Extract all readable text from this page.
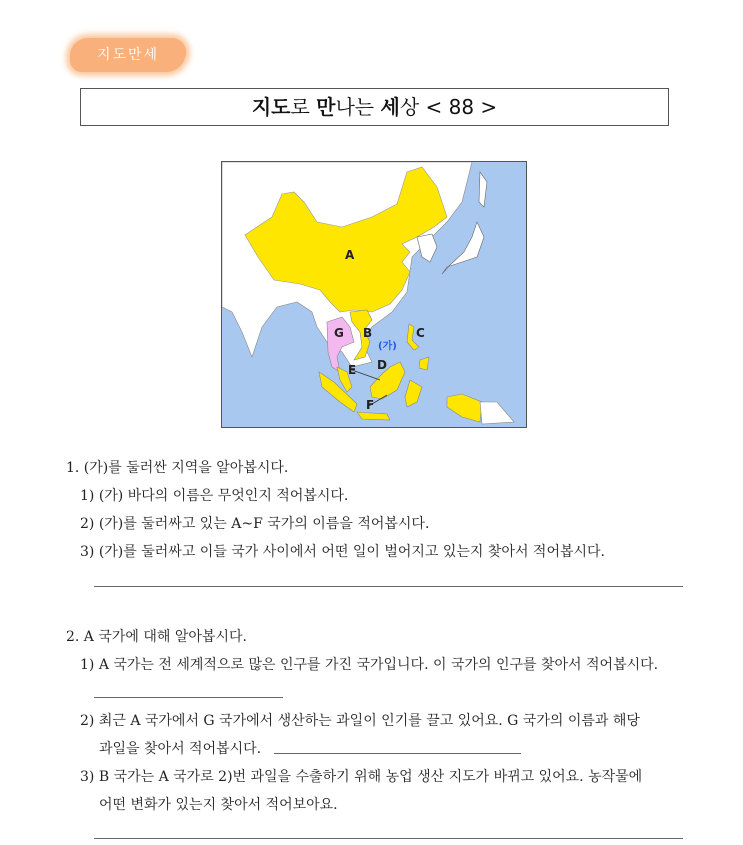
지도만세
지도로 만나는 세상 < 88 >
A
B	C
D
E
F
G
(가)
1. (가)를 둘러싼 지역을 알아봅시다.
1) (가) 바다의 이름은 무엇인지 적어봅시다.
2) (가)를 둘러싸고 있는 A~F 국가의 이름을 적어봅시다.
3) (가)를 둘러싸고 이들 국가 사이에서 어떤 일이 벌어지고 있는지 찾아서 적어봅시다.
2. A 국가에 대해 알아봅시다.
1) A 국가는 전 세계적으로 많은 인구를 가진 국가입니다. 이 국가의 인구를 찾아서 적어봅시다.
2) 최근 A 국가에서 G 국가에서 생산하는 과일이 인기를 끌고 있어요. G 국가의 이름과 해당
과일을 찾아서 적어봅시다.
3) B 국가는 A 국가로 2)번 과일을 수출하기 위해 농업 생산 지도가 바뀌고 있어요. 농작물에
어떤 변화가 있는지 찾아서 적어보아요.
